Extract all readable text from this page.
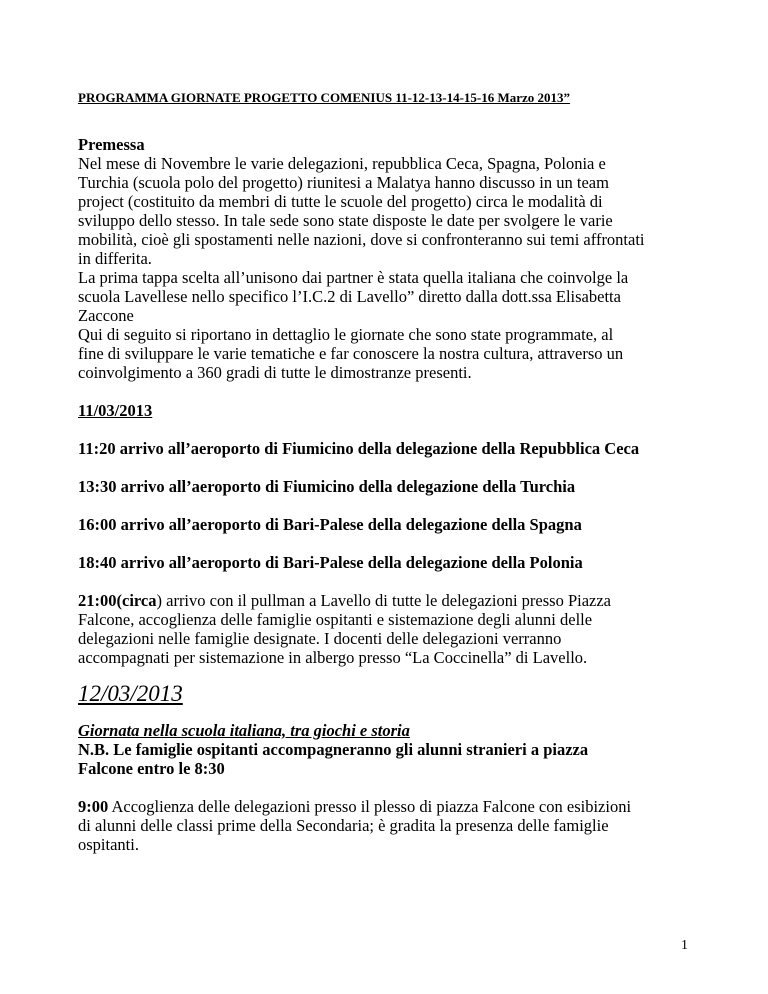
PROGRAMMA GIORNATE PROGETTO COMENIUS 11-12-13-14-15-16 Marzo 2013”

Premessa

Nel mese di Novembre le varie delegazioni, repubblica Ceca, Spagna, Polonia e

Turchia (scuola polo del progetto) riunitesi a Malatya hanno discusso in un team

project (costituito da membri di tutte le scuole del progetto) circa le modalità di

sviluppo dello stesso. In tale sede sono state disposte le date per svolgere le varie

mobilità, cioè gli spostamenti nelle nazioni, dove si confronteranno sui temi affrontati

in differita.

La prima tappa scelta all’unisono dai partner è stata quella italiana che coinvolge la

scuola Lavellese nello specifico l’I.C.2 di Lavello” diretto dalla dott.ssa Elisabetta

Zaccone

Qui di seguito si riportano in dettaglio le giornate che sono state programmate, al

fine di sviluppare le varie tematiche e far conoscere la nostra cultura, attraverso un

coinvolgimento a 360 gradi di tutte le dimostranze presenti.

11/03/2013

11:20 arrivo all’aeroporto di Fiumicino della delegazione della Repubblica Ceca

13:30 arrivo all’aeroporto di Fiumicino della delegazione della Turchia

16:00 arrivo all’aeroporto di Bari-Palese della delegazione della Spagna

18:40 arrivo all’aeroporto di Bari-Palese della delegazione della Polonia

21:00(circa) arrivo con il pullman a Lavello di tutte le delegazioni presso Piazza

Falcone, accoglienza delle famiglie ospitanti e sistemazione degli alunni delle

delegazioni nelle famiglie designate. I docenti delle delegazioni verranno

accompagnati per sistemazione in albergo presso “La Coccinella” di Lavello.

12/03/2013

Giornata nella scuola italiana, tra giochi e storia

N.B. Le famiglie ospitanti accompagneranno gli alunni stranieri a piazza

Falcone entro le 8:30

9:00 Accoglienza delle delegazioni presso il plesso di piazza Falcone con esibizioni

di alunni delle classi prime della Secondaria; è gradita la presenza delle famiglie

ospitanti.

1
